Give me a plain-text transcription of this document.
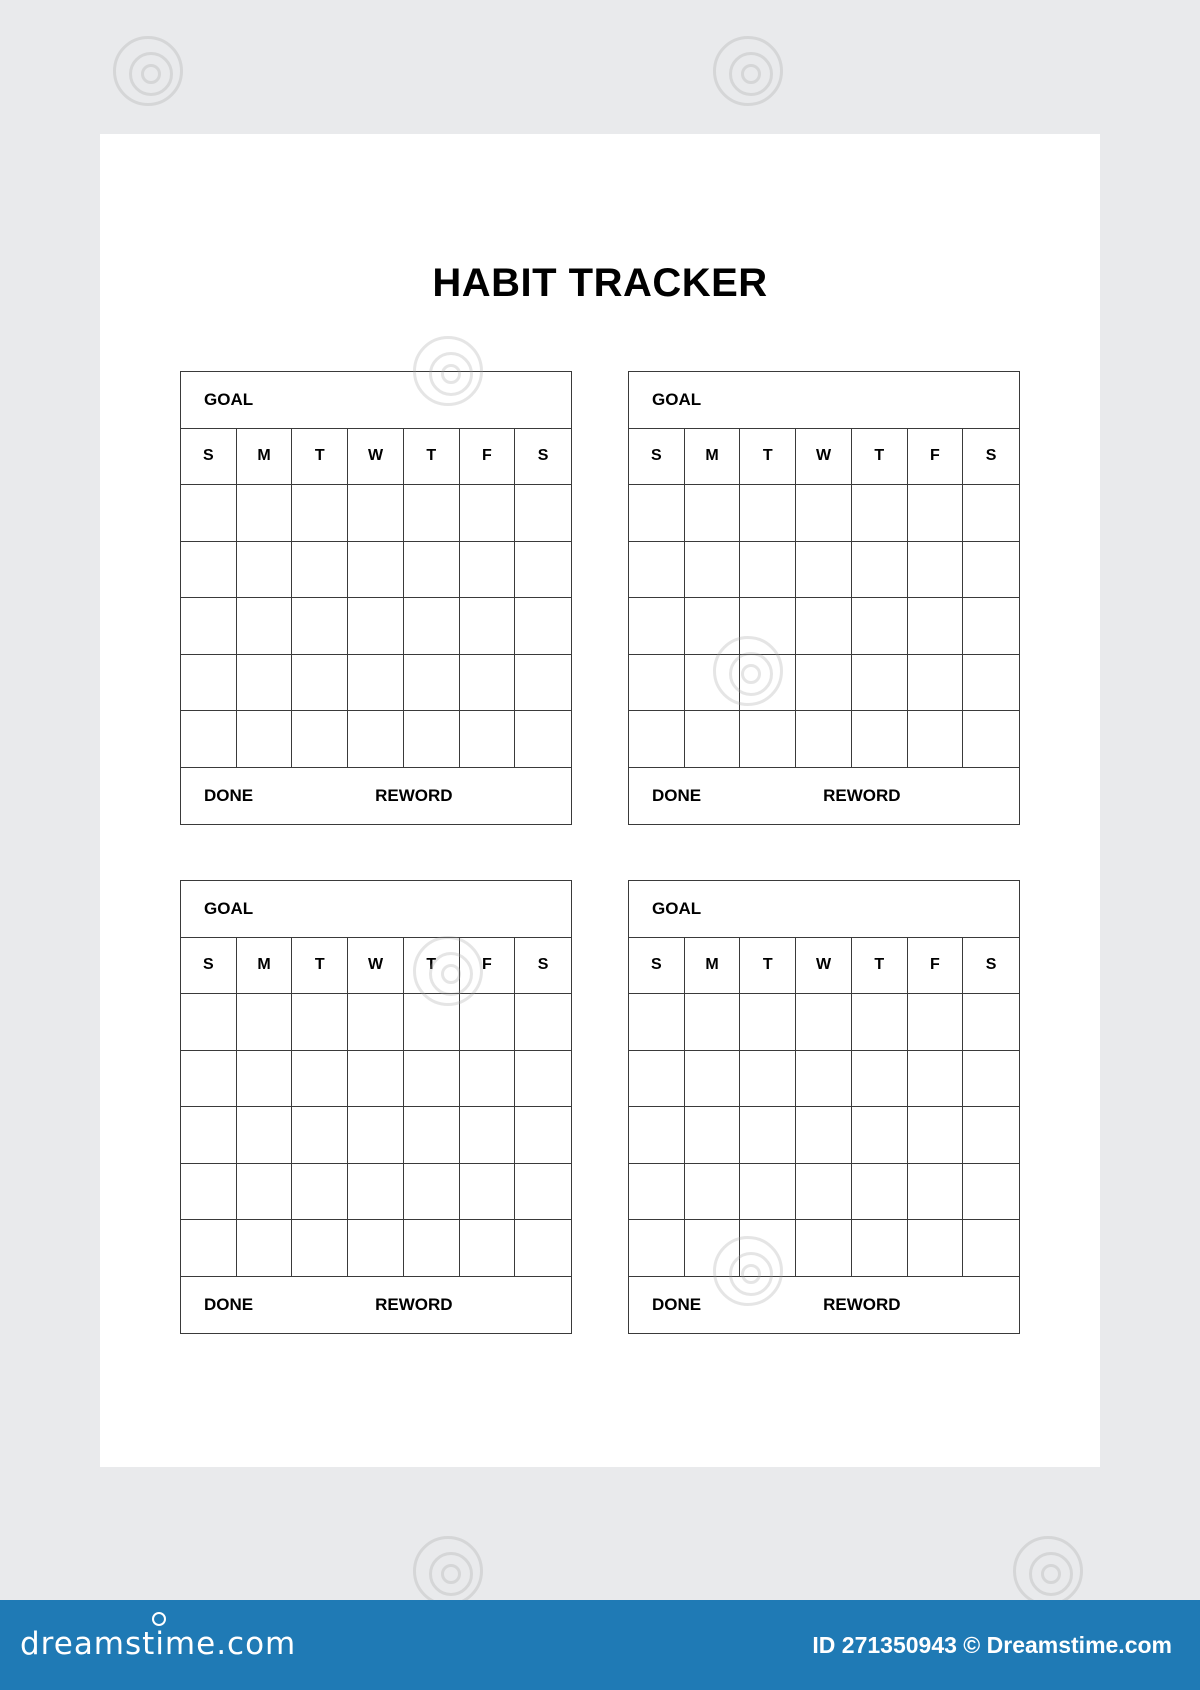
HABIT TRACKER
GOAL
S	M	T	W	T	F	S
DONE	REWORD
GOAL
S	M	T	W	T	F	S
DONE	REWORD
GOAL
S	M	T	W	T	F	S
DONE	REWORD
GOAL
S	M	T	W	T	F	S
DONE	REWORD
dreamstime.com	ID 271350943 © Dreamstime.com
